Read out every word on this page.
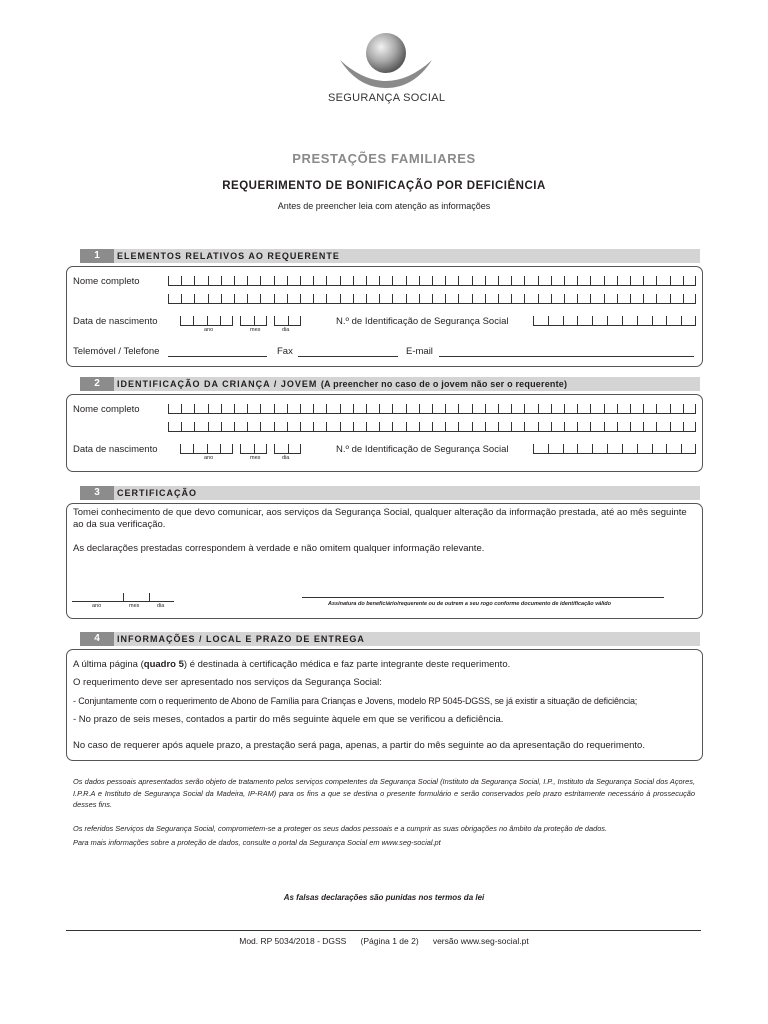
SEGURANÇA SOCIAL
PRESTAÇÕES FAMILIARES
REQUERIMENTO DE BONIFICAÇÃO POR DEFICIÊNCIA
Antes de preencher leia com atenção as informações
1	ELEMENTOS RELATIVOS AO REQUERENTE
Nome completo
Data de nascimento
ano	mes	dia
N.º de Identificação de Segurança Social
Telemóvel / Telefone	Fax	E-mail
2	IDENTIFICAÇÃO DA CRIANÇA / JOVEM (A preencher no caso de o jovem não ser o requerente)
Nome completo
Data de nascimento
ano	mes	dia
N.º de Identificação de Segurança Social
3	CERTIFICAÇÃO
Tomei conhecimento de que devo comunicar, aos serviços da Segurança Social, qualquer alteração da informação prestada, até ao mês seguinte ao da sua verificação.
As declarações prestadas correspondem à verdade e não omitem qualquer informação relevante.
ano	mes	dia	Assinatura do beneficiário/requerente ou de outrem a seu rogo conforme documento de identificação válido
4	INFORMAÇÕES / LOCAL E PRAZO DE ENTREGA
A última página (quadro 5) é destinada à certificação médica e faz parte integrante deste requerimento.
O requerimento deve ser apresentado nos serviços da Segurança Social:
- Conjuntamente com o requerimento de Abono de Família para Crianças e Jovens, modelo RP 5045-DGSS, se já existir a situação de deficiência;
- No prazo de seis meses, contados a partir do mês seguinte àquele em que se verificou a deficiência.
No caso de requerer após aquele prazo, a prestação será paga, apenas, a partir do mês seguinte ao da apresentação do requerimento.
Os dados pessoais apresentados serão objeto de tratamento pelos serviços competentes da Segurança Social (Instituto da Segurança Social, I.P., Instituto da Segurança Social dos Açores, I.P.R.A e Instituto de Segurança Social da Madeira, IP-RAM) para os fins a que se destina o presente formulário e serão conservados pelo prazo estritamente necessário à prossecução desses fins.
Os referidos Serviços da Segurança Social, comprometem-se a proteger os seus dados pessoais e a cumprir as suas obrigações no âmbito da proteção de dados.
Para mais informações sobre a proteção de dados, consulte o portal da Segurança Social em www.seg-social.pt
As falsas declarações são punidas nos termos da lei
Mod. RP 5034/2018 - DGSS (Página 1 de 2) versão www.seg-social.pt
